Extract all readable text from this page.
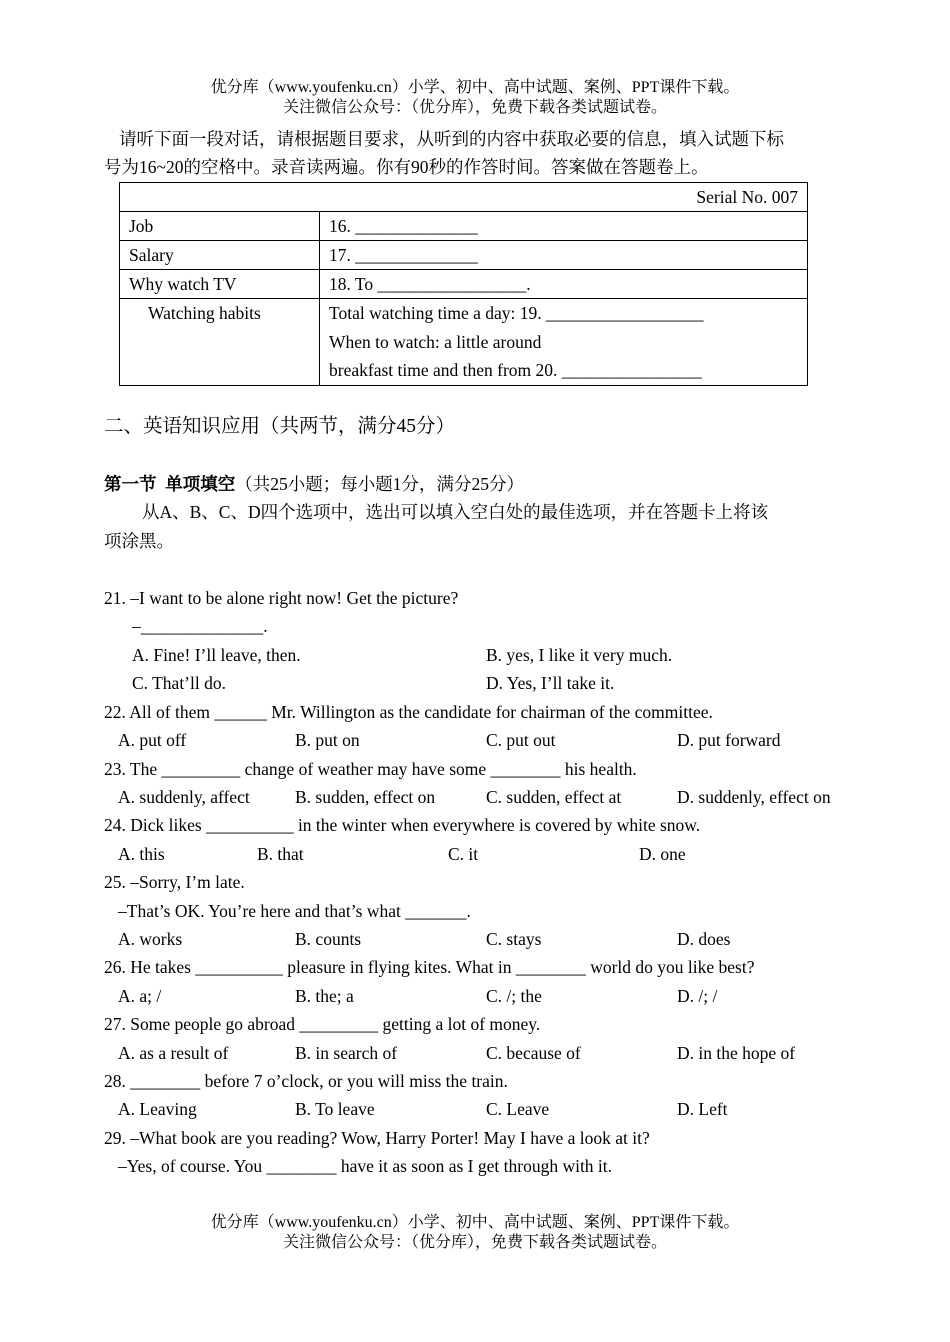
优分库（www.youfenku.cn）小学、初中、高中试题、案例、PPT课件下载。
关注微信公众号：（优分库），免费下载各类试题试卷。
请听下面一段对话，请根据题目要求，从听到的内容中获取必要的信息，填入试题下标
号为16~20的空格中。录音读两遍。你有90秒的作答时间。答案做在答题卷上。
Serial No. 007	
Job	16. ______________
Salary	17. ______________
Why watch TV	18. To _________________.
Watching habits	Total watching time a day: 19. __________________
When to watch: a little around
breakfast time and then from 20. ________________
二、英语知识应用（共两节，满分45分）
第一节  单项填空（共25小题；每小题1分，满分25分）
从A、B、C、D四个选项中，选出可以填入空白处的最佳选项，并在答题卡上将该
项涂黑。
21. –I want to be alone right now! Get the picture?
–______________.
A. Fine! I’ll leave, then.	B. yes, I like it very much.
C. That’ll do.	D. Yes, I’ll take it.
22. All of them ______ Mr. Willington as the candidate for chairman of the committee.
A. put off	B. put on	C. put out	D. put forward
23. The _________ change of weather may have some ________ his health.
A. suddenly, affect	B. sudden, effect on	C. sudden, effect at	D. suddenly, effect on
24. Dick likes __________ in the winter when everywhere is covered by white snow.
A. this	B. that	C. it	D. one
25. –Sorry, I’m late.
–That’s OK. You’re here and that’s what _______.
A. works	B. counts	C. stays	D. does
26. He takes __________ pleasure in flying kites. What in ________ world do you like best?
A. a; /	B. the; a	C. /; the	D. /; /
27. Some people go abroad _________ getting a lot of money.
A. as a result of	B. in search of	C. because of	D. in the hope of
28. ________ before 7 o’clock, or you will miss the train.
A. Leaving	B. To leave	C. Leave	D. Left
29. –What book are you reading? Wow, Harry Porter! May I have a look at it?
–Yes, of course. You ________ have it as soon as I get through with it.
优分库（www.youfenku.cn）小学、初中、高中试题、案例、PPT课件下载。
关注微信公众号：（优分库），免费下载各类试题试卷。
